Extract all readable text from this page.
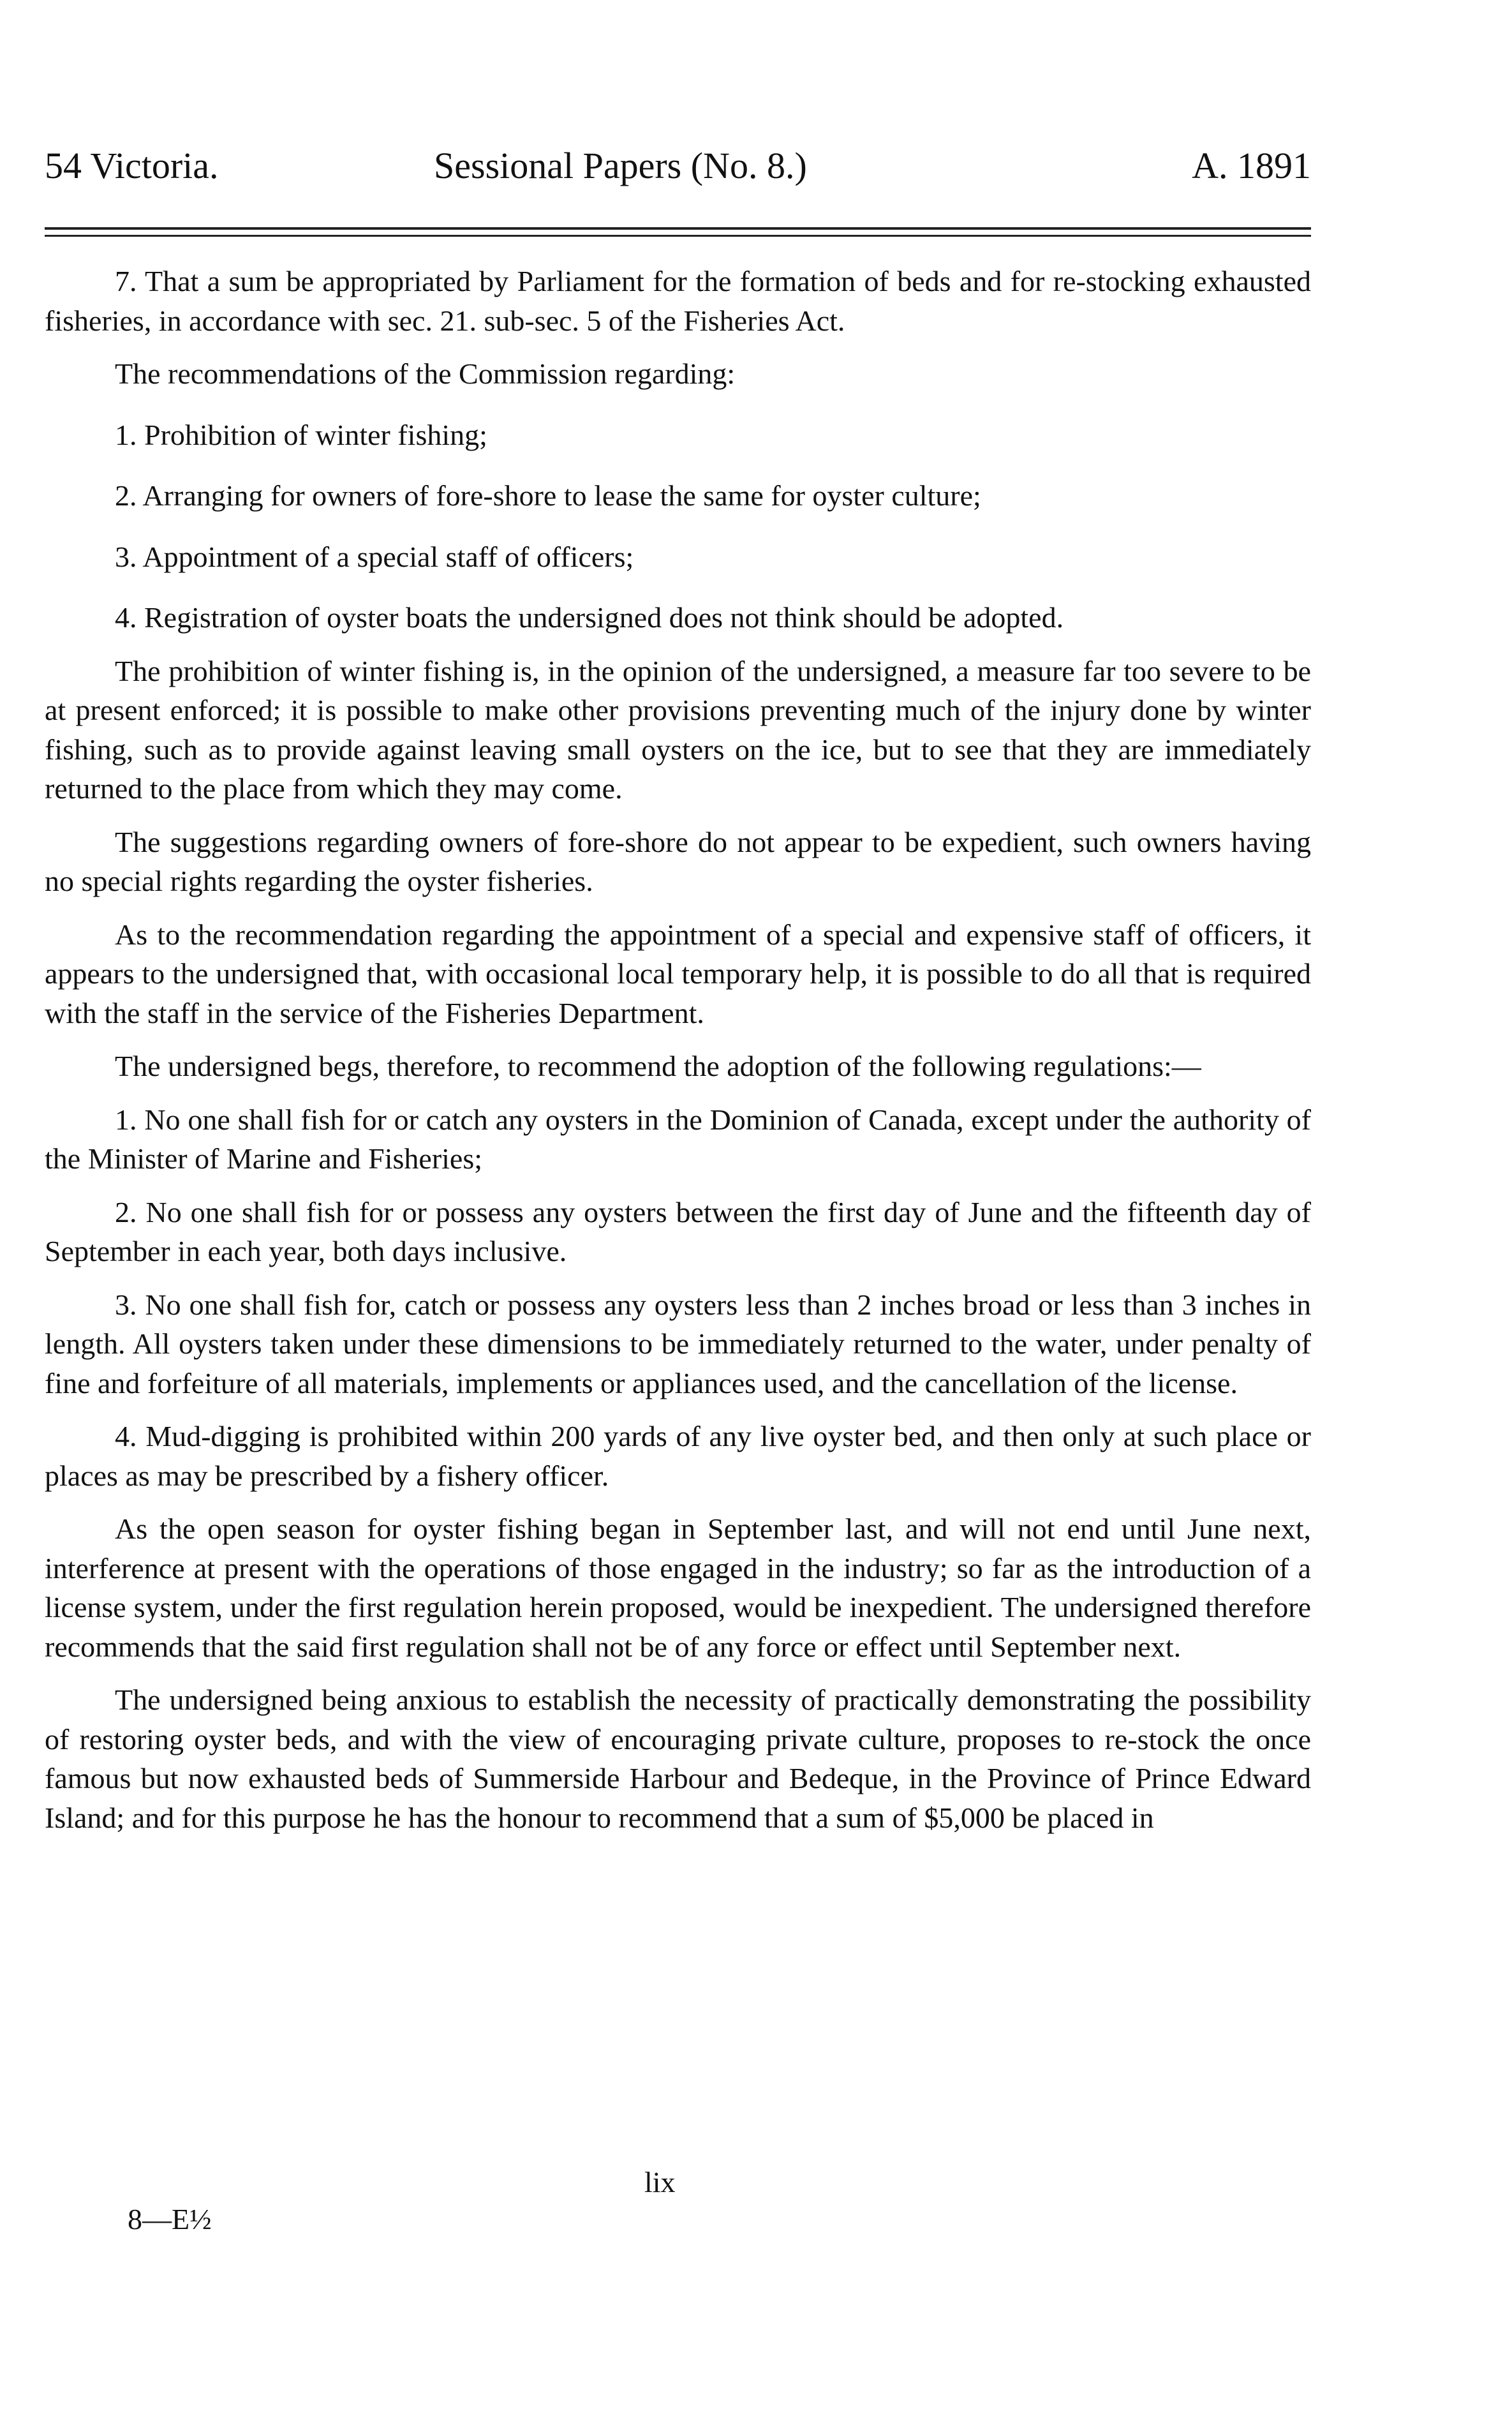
54 Victoria.	Sessional Papers (No. 8.)	A. 1891

7. That a sum be appropriated by Parliament for the formation of beds and for re-stocking exhausted fisheries, in accordance with sec. 21. sub-sec. 5 of the Fisheries Act.

The recommendations of the Commission regarding:

1. Prohibition of winter fishing;

2. Arranging for owners of fore-shore to lease the same for oyster culture;

3. Appointment of a special staff of officers;

4. Registration of oyster boats the undersigned does not think should be adopted.

The prohibition of winter fishing is, in the opinion of the undersigned, a measure far too severe to be at present enforced; it is possible to make other provisions preventing much of the injury done by winter fishing, such as to provide against leaving small oysters on the ice, but to see that they are immediately returned to the place from which they may come.

The suggestions regarding owners of fore-shore do not appear to be expedient, such owners having no special rights regarding the oyster fisheries.

As to the recommendation regarding the appointment of a special and expensive staff of officers, it appears to the undersigned that, with occasional local temporary help, it is possible to do all that is required with the staff in the service of the Fisheries Department.

The undersigned begs, therefore, to recommend the adoption of the following regulations:—

1. No one shall fish for or catch any oysters in the Dominion of Canada, except under the authority of the Minister of Marine and Fisheries;

2. No one shall fish for or possess any oysters between the first day of June and the fifteenth day of September in each year, both days inclusive.

3. No one shall fish for, catch or possess any oysters less than 2 inches broad or less than 3 inches in length. All oysters taken under these dimensions to be immediately returned to the water, under penalty of fine and forfeiture of all materials, implements or appliances used, and the cancellation of the license.

4. Mud-digging is prohibited within 200 yards of any live oyster bed, and then only at such place or places as may be prescribed by a fishery officer.

As the open season for oyster fishing began in September last, and will not end until June next, interference at present with the operations of those engaged in the industry; so far as the introduction of a license system, under the first regulation herein proposed, would be inexpedient. The undersigned therefore recommends that the said first regulation shall not be of any force or effect until September next.

The undersigned being anxious to establish the necessity of practically demonstrating the possibility of restoring oyster beds, and with the view of encouraging private culture, proposes to re-stock the once famous but now exhausted beds of Summerside Harbour and Bedeque, in the Province of Prince Edward Island; and for this purpose he has the honour to recommend that a sum of $5,000 be placed in

lix
8—E½
